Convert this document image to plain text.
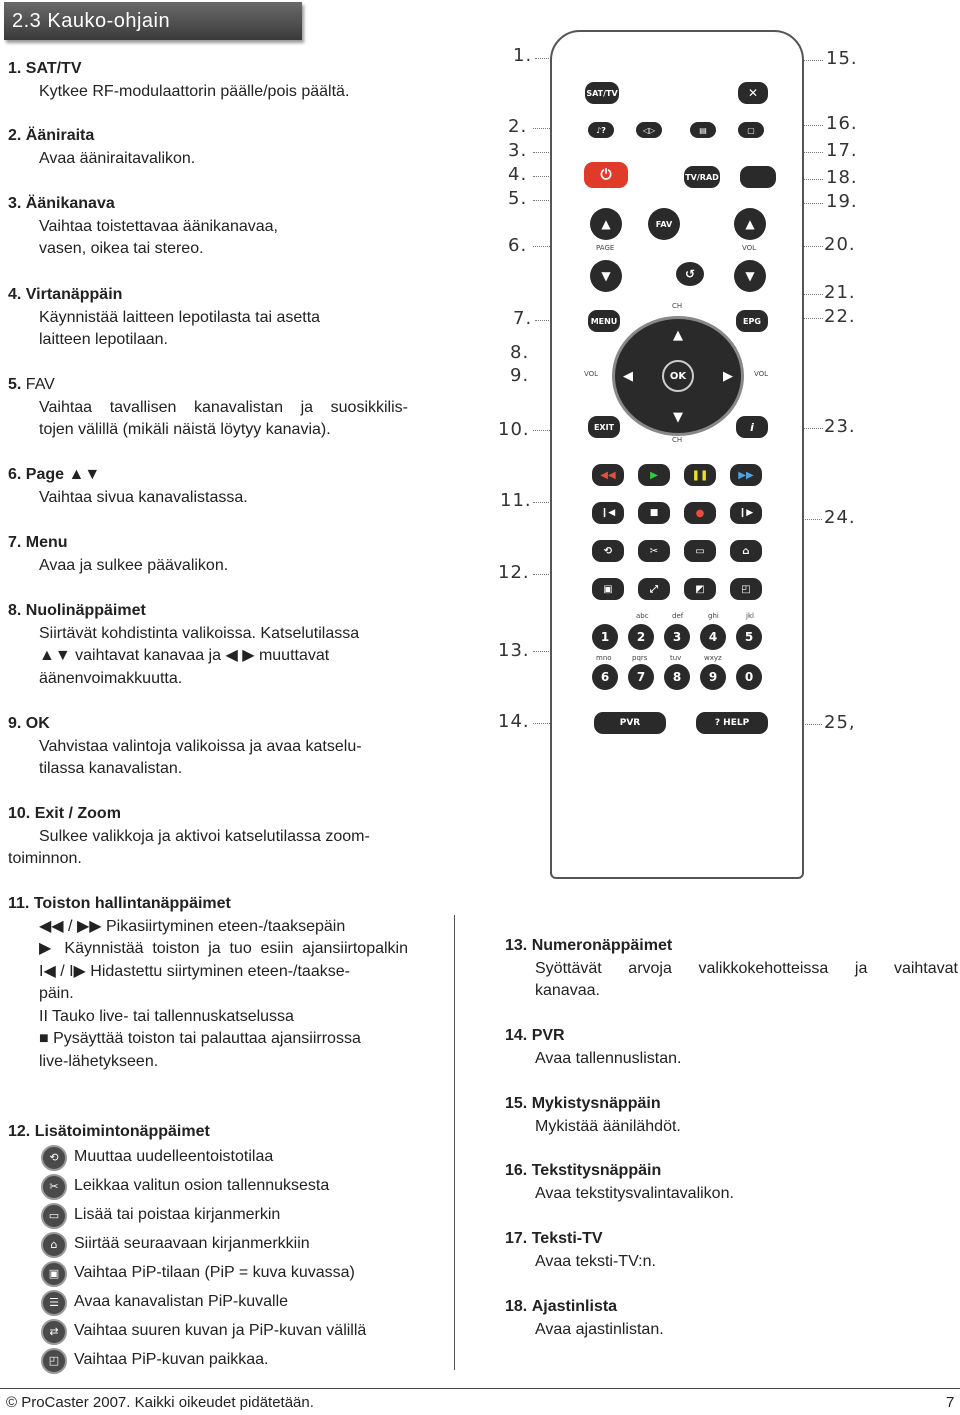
2.3 Kauko-ohjain
1. SAT/TV
Kytkee RF-modulaattorin päälle/pois päältä.
2. Ääniraita
Avaa ääniraitavalikon.
3. Äänikanava
Vaihtaa toistettavaa äänikanavaa,
vasen, oikea tai stereo.
4. Virtanäppäin
Käynnistää laitteen lepotilasta tai asetta
laitteen lepotilaan.
5. FAV
Vaihtaa tavallisen kanavalistan ja suosikkilis-
tojen välillä (mikäli näistä löytyy kanavia).
6. Page ▲▼
Vaihtaa sivua kanavalistassa.
7. Menu
Avaa ja sulkee päävalikon.
8. Nuolinäppäimet
Siirtävät kohdistinta valikoissa. Katselutilassa
▲▼ vaihtavat kanavaa ja ◀ ▶ muuttavat
äänenvoimakkuutta.
9. OK
Vahvistaa valintoja valikoissa ja avaa katselu-
tilassa kanavalistan.
10. Exit / Zoom
Sulkee valikkoja ja aktivoi katselutilassa zoom-
toiminnon.
11. Toiston hallintanäppäimet
◀◀ / ▶▶ Pikasiirtyminen eteen-/taaksepäin
▶ Käynnistää toiston ja tuo esiin ajansiirtopalkin
I◀ / I▶ Hidastettu siirtyminen eteen-/taakse-
päin.
II Tauko live- tai tallennuskatselussa
■ Pysäyttää toiston tai palauttaa ajansiirrossa
live-lähetykseen.
12. Lisätoimintonäppäimet
⟲ Muuttaa uudelleentoistotilaa
✂ Leikkaa valitun osion tallennuksesta
▭ Lisää tai poistaa kirjanmerkin
⌂	Siirtää seuraavaan kirjanmerkkiin
▣ Vaihtaa PiP-tilaan (PiP = kuva kuvassa)
☰ Avaa kanavalistan PiP-kuvalle
⇄ Vaihtaa suuren kuvan ja PiP-kuvan välillä
◰ Vaihtaa PiP-kuvan paikkaa.
13. Numeronäppäimet
Syöttävät arvoja valikkokehotteissa ja vaihtavat
kanavaa.
14. PVR
Avaa tallennuslistan.
15. Mykistysnäppäin
Mykistää äänilähdöt.
16. Tekstitysnäppäin
Avaa tekstitysvalintavalikon.
17. Teksti-TV
Avaa teksti-TV:n.
18. Ajastinlista
Avaa ajastinlistan.
1.
2.
3.
4.
5.
6.
7.
8.
9.
10.
11.
12.
13.
14.
15.
16.
17.
18.
19.
20.
21.
22.
23.
24.
25,
SAT/TV	✕
♪?	◁▷	▤	▢
⏻	TV/RAD
▲	FAV	▲
PAGE	VOL
▼	↺	▼
CH
MENU	EPG
▲
▼
◀	▶
OK
VOL	VOL
EXIT	i
CH
◀◀	▶	❚❚	▶▶
❙◀	■	●	❙▶
⟲	✂	▭	⌂
▣	⤢	◩	◰
abc	def	ghi	jkl
1	2	3	4	5
mno	pqrs	tuv	wxyz
6	7	8	9	0
PVR	? HELP
© ProCaster 2007. Kaikki oikeudet pidätetään.	7
